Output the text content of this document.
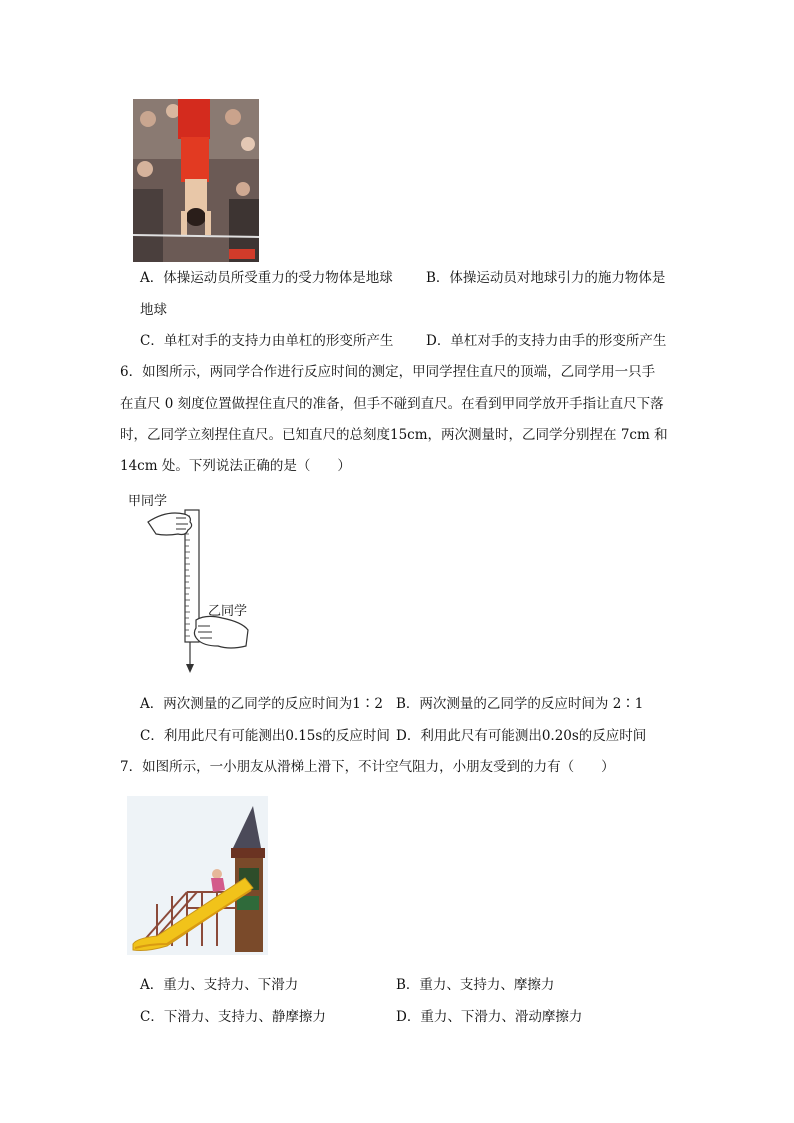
A．体操运动员所受重力的受力物体是地球 B．体操运动员对地球引力的施力物体是
地球
C．单杠对手的支持力由单杠的形变所产生 D．单杠对手的支持力由手的形变所产生
6．如图所示，两同学合作进行反应时间的测定，甲同学捏住直尺的顶端，乙同学用一只手
在直尺 0 刻度位置做捏住直尺的准备，但手不碰到直尺。在看到甲同学放开手指让直尺下落
时，乙同学立刻捏住直尺。已知直尺的总刻度15cm，两次测量时，乙同学分别捏在 7cm 和
14cm 处。下列说法正确的是（　　）
甲同学
乙同学
A．两次测量的乙同学的反应时间为1∶2 B．两次测量的乙同学的反应时间为 2∶1
C．利用此尺有可能测出0.15s的反应时间 D．利用此尺有可能测出0.20s的反应时间
7．如图所示，一小朋友从滑梯上滑下，不计空气阻力，小朋友受到的力有（　　）
A．重力、支持力、下滑力	B．重力、支持力、摩擦力
C．下滑力、支持力、静摩擦力	D．重力、下滑力、滑动摩擦力
